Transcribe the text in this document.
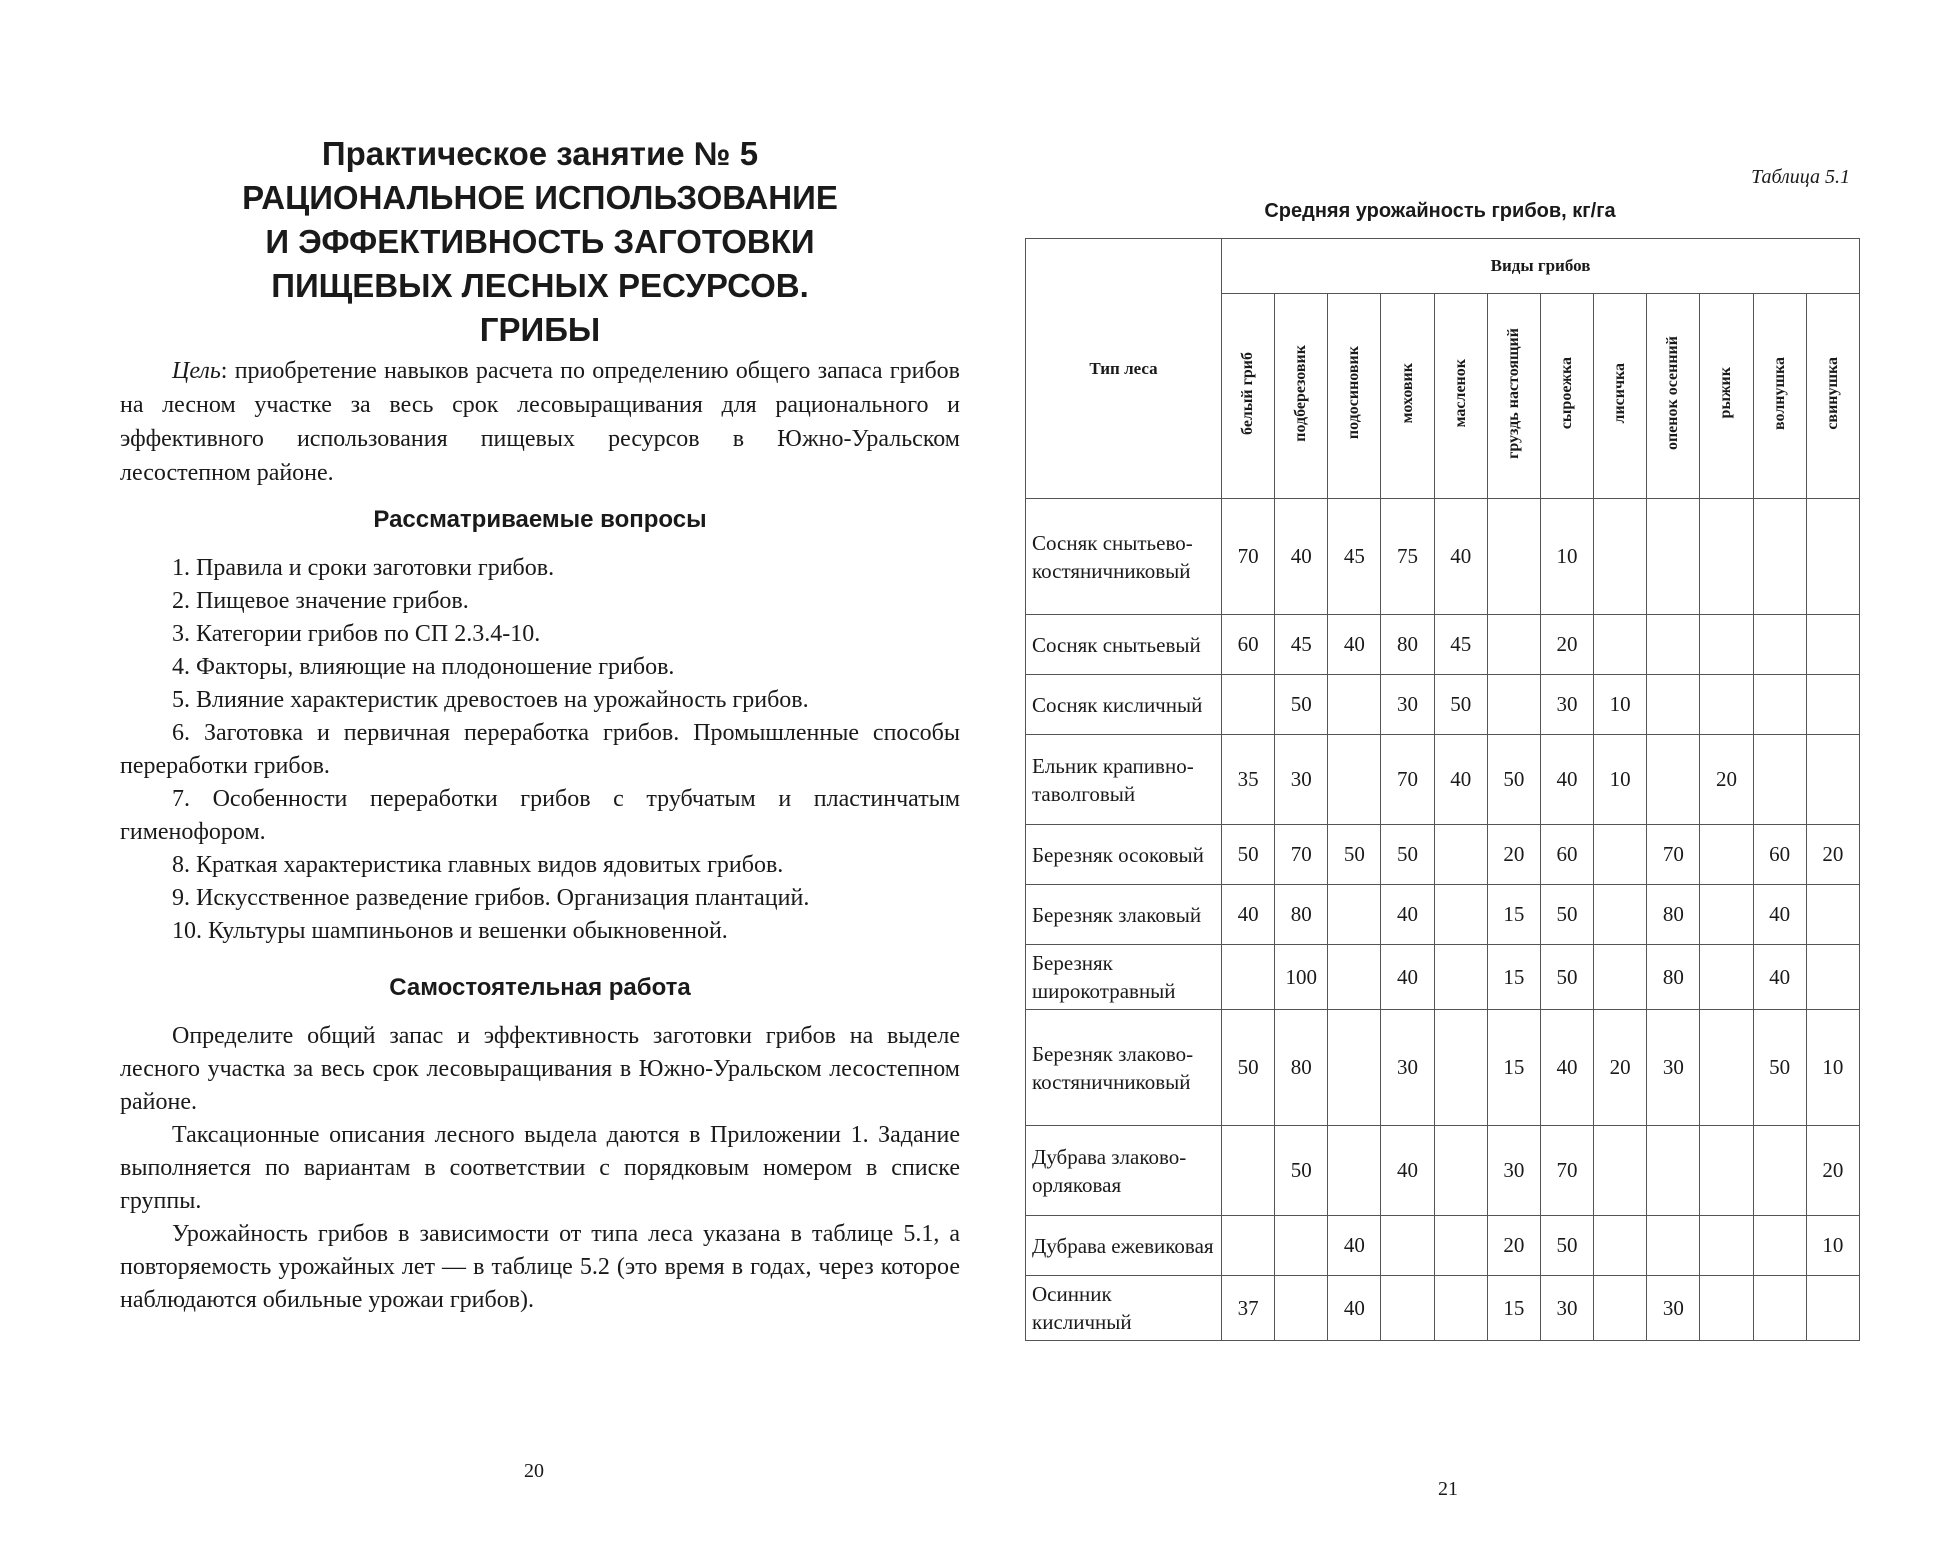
Практическое занятие № 5
РАЦИОНАЛЬНОЕ ИСПОЛЬЗОВАНИЕ
И ЭФФЕКТИВНОСТЬ ЗАГОТОВКИ
ПИЩЕВЫХ ЛЕСНЫХ РЕСУРСОВ.
ГРИБЫ
Цель: приобретение навыков расчета по определению общего запаса грибов на лесном участке за весь срок лесовыращивания для рационального и эффективного использования пищевых ресурсов в Южно-Уральском лесостепном районе.
Рассматриваемые вопросы
1. Правила и сроки заготовки грибов.
2. Пищевое значение грибов.
3. Категории грибов по СП 2.3.4-10.
4. Факторы, влияющие на плодоношение грибов.
5. Влияние характеристик древостоев на урожайность грибов.
6. Заготовка и первичная переработка грибов. Промышленные способы переработки грибов.
7. Особенности переработки грибов с трубчатым и пластинчатым гименофором.
8. Краткая характеристика главных видов ядовитых грибов.
9. Искусственное разведение грибов. Организация плантаций.
10. Культуры шампиньонов и вешенки обыкновенной.
Самостоятельная работа

Определите общий запас и эффективность заготовки грибов на выделе лесного участка за весь срок лесовыращивания в Южно-Уральском лесостепном районе.

Таксационные описания лесного выдела даются в Приложении 1. Задание выполняется по вариантам в соответствии с порядковым номером в списке группы.

Урожайность грибов в зависимости от типа леса указана в таблице 5.1, а повторяемость урожайных лет — в таблице 5.2 (это время в годах, через которое наблюдаются обильные урожаи грибов).

20
Таблица 5.1
Средняя урожайность грибов, кг/га
Тип леса	Виды грибов											
	белый гриб	подберезовик	подосиновик	моховик	масленок	груздь настоящий	сыроежка	лисичка	опенок осенний	рыжик	волнушка	свинушка
Сосняк снытьево-костяничниковый	70	40	45	75	40		10					
Сосняк снытьевый	60	45	40	80	45		20					
Сосняк кисличный		50		30	50		30	10				
Ельник крапивно-таволговый	35	30		70	40	50	40	10		20		
Березняк осоковый	50	70	50	50		20	60		70		60	20
Березняк злаковый	40	80		40		15	50		80		40	
Березняк широкотравный		100		40		15	50		80		40	
Березняк злаково-костяничниковый	50	80		30		15	40	20	30		50	10
Дубрава злаково-орляковая		50		40		30	70					20
Дубрава ежевиковая			40			20	50					10
Осинник кисличный	37		40			15	30		30			
21
